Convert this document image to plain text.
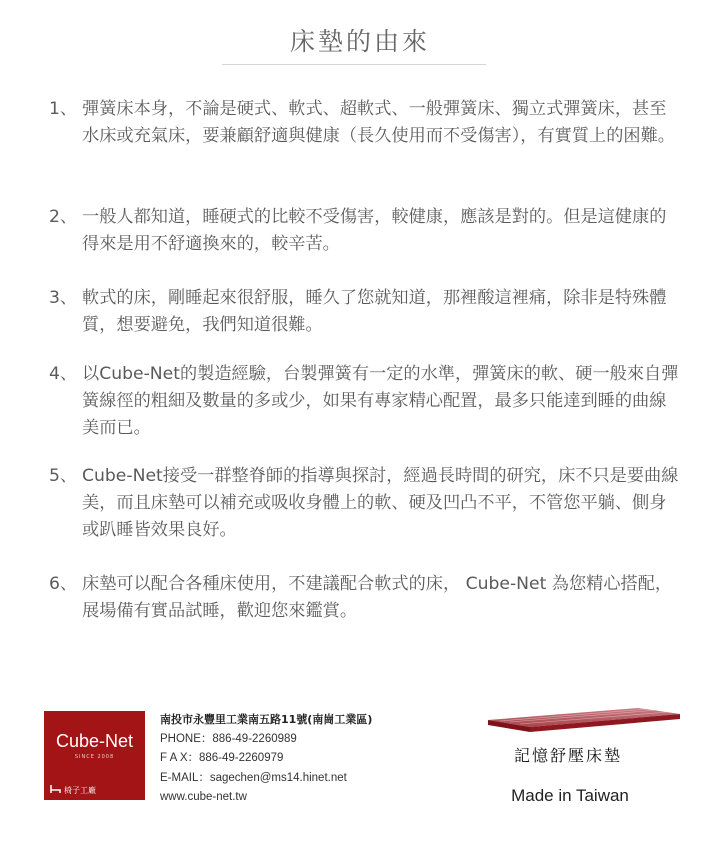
床墊的由來
1、 彈簧床本身，不論是硬式、軟式、超軟式、一般彈簧床、獨立式彈簧床，甚至水床或充氣床，要兼顧舒適與健康（長久使用而不受傷害），有實質上的困難。
2、 一般人都知道，睡硬式的比較不受傷害，較健康，應該是對的。但是這健康的得來是用不舒適換來的，較辛苦。
3、 軟式的床，剛睡起來很舒服，睡久了您就知道，那裡酸這裡痛，除非是特殊體質，想要避免，我們知道很難。
4、 以Cube-Net的製造經驗，台製彈簧有一定的水準，彈簧床的軟、硬一般來自彈簧線徑的粗細及數量的多或少，如果有專家精心配置，最多只能達到睡的曲線美而已。
5、 Cube-Net接受一群整脊師的指導與探討，經過長時間的研究，床不只是要曲線美，而且床墊可以補充或吸收身體上的軟、硬及凹凸不平，不管您平躺、側身或趴睡皆效果良好。
6、 床墊可以配合各種床使用，不建議配合軟式的床， Cube-Net 為您精心搭配，展場備有實品試睡，歡迎您來鑑賞。
Cube-Net
SINCE 2008
椅子工廠
南投市永豐里工業南五路11號(南崗工業區)
PHONE：886-49-2260989
F A X：886-49-2260979
E-MAIL：sagechen@ms14.hinet.net
www.cube-net.tw
記憶舒壓床墊
Made in Taiwan
